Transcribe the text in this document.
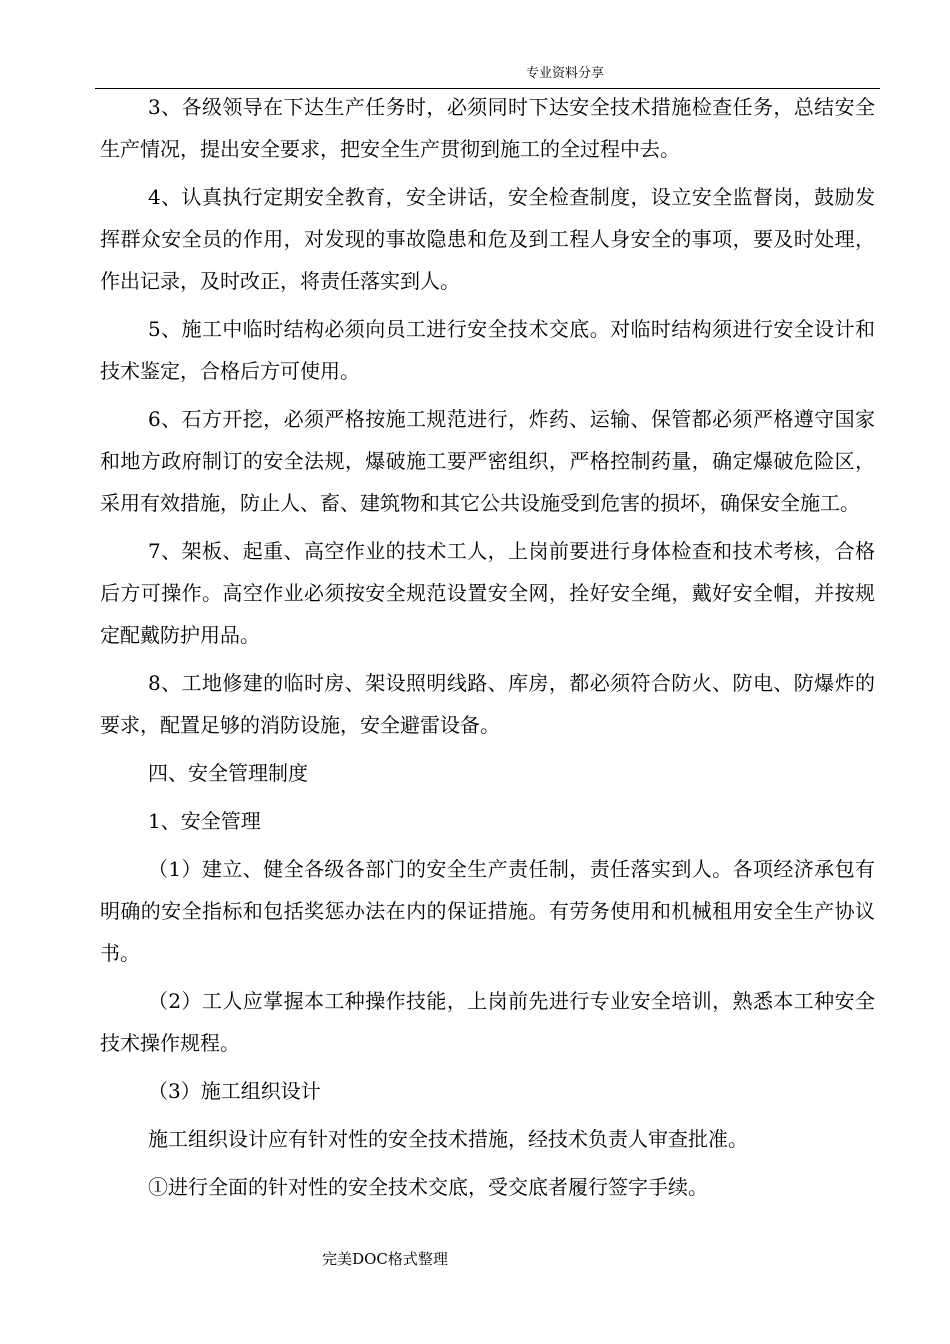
专业资料分享

3、各级领导在下达生产任务时，必须同时下达安全技术措施检查任务，总结安全生产情况，提出安全要求，把安全生产贯彻到施工的全过程中去。

4、认真执行定期安全教育，安全讲话，安全检查制度，设立安全监督岗，鼓励发挥群众安全员的作用，对发现的事故隐患和危及到工程人身安全的事项，要及时处理，作出记录，及时改正，将责任落实到人。

5、施工中临时结构必须向员工进行安全技术交底。对临时结构须进行安全设计和技术鉴定，合格后方可使用。

6、石方开挖，必须严格按施工规范进行，炸药、运输、保管都必须严格遵守国家和地方政府制订的安全法规，爆破施工要严密组织，严格控制药量，确定爆破危险区，采用有效措施，防止人、畜、建筑物和其它公共设施受到危害的损坏，确保安全施工。

7、架板、起重、高空作业的技术工人，上岗前要进行身体检查和技术考核，合格后方可操作。高空作业必须按安全规范设置安全网，拴好安全绳，戴好安全帽，并按规定配戴防护用品。

8、工地修建的临时房、架设照明线路、库房，都必须符合防火、防电、防爆炸的要求，配置足够的消防设施，安全避雷设备。

四、安全管理制度

1、安全管理

（1）建立、健全各级各部门的安全生产责任制，责任落实到人。各项经济承包有明确的安全指标和包括奖惩办法在内的保证措施。有劳务使用和机械租用安全生产协议书。

（2）工人应掌握本工种操作技能，上岗前先进行专业安全培训，熟悉本工种安全技术操作规程。

（3）施工组织设计

施工组织设计应有针对性的安全技术措施，经技术负责人审查批准。

①进行全面的针对性的安全技术交底，受交底者履行签字手续。

完美DOC格式整理
